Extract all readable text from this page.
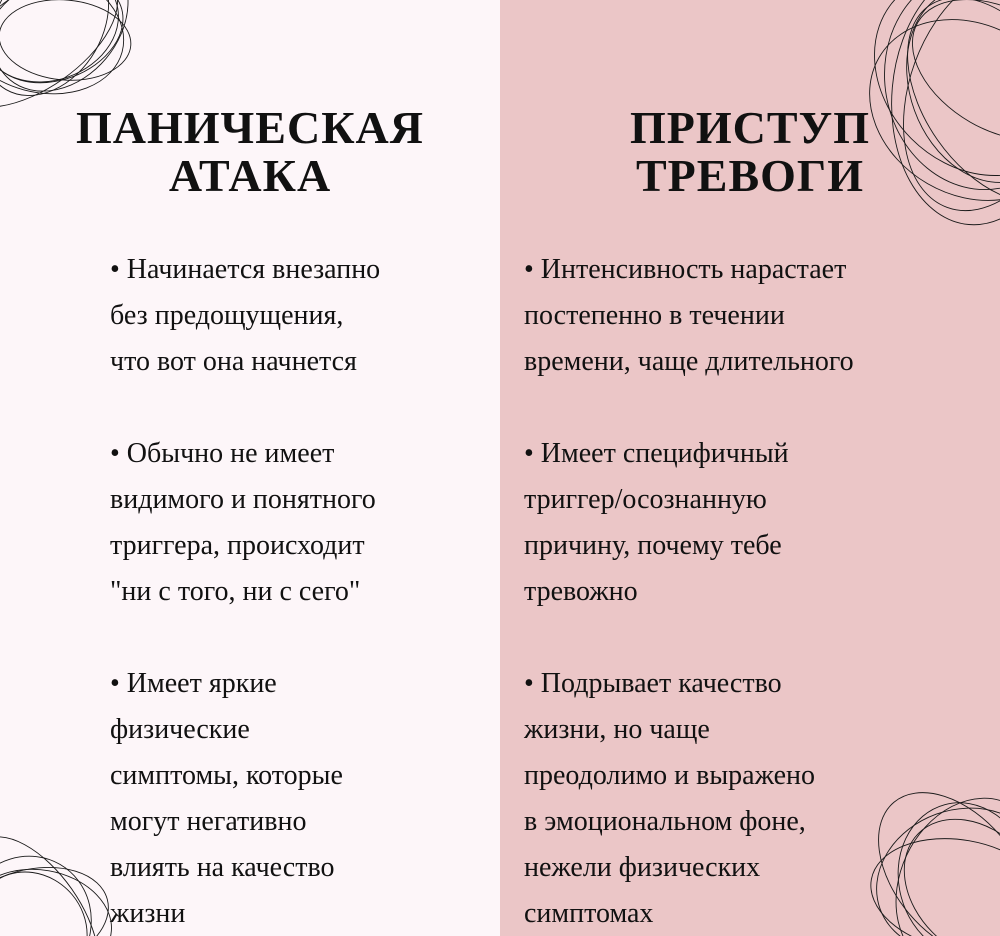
ПАНИЧЕСКАЯ
АТАКА
• Начинается внезапно
без предощущения,
что вот она начнется
• Обычно не имеет
видимого и понятного
триггера, происходит
"ни с того, ни с сего"
• Имеет яркие
физические
симптомы, которые
могут негативно
влиять на качество
жизни
ПРИСТУП
ТРЕВОГИ
• Интенсивность нарастает
постепенно в течении
времени, чаще длительного
• Имеет специфичный
триггер/осознанную
причину, почему тебе
тревожно
• Подрывает качество
жизни, но чаще
преодолимо и выражено
в эмоциональном фоне,
нежели физических
симптомах
